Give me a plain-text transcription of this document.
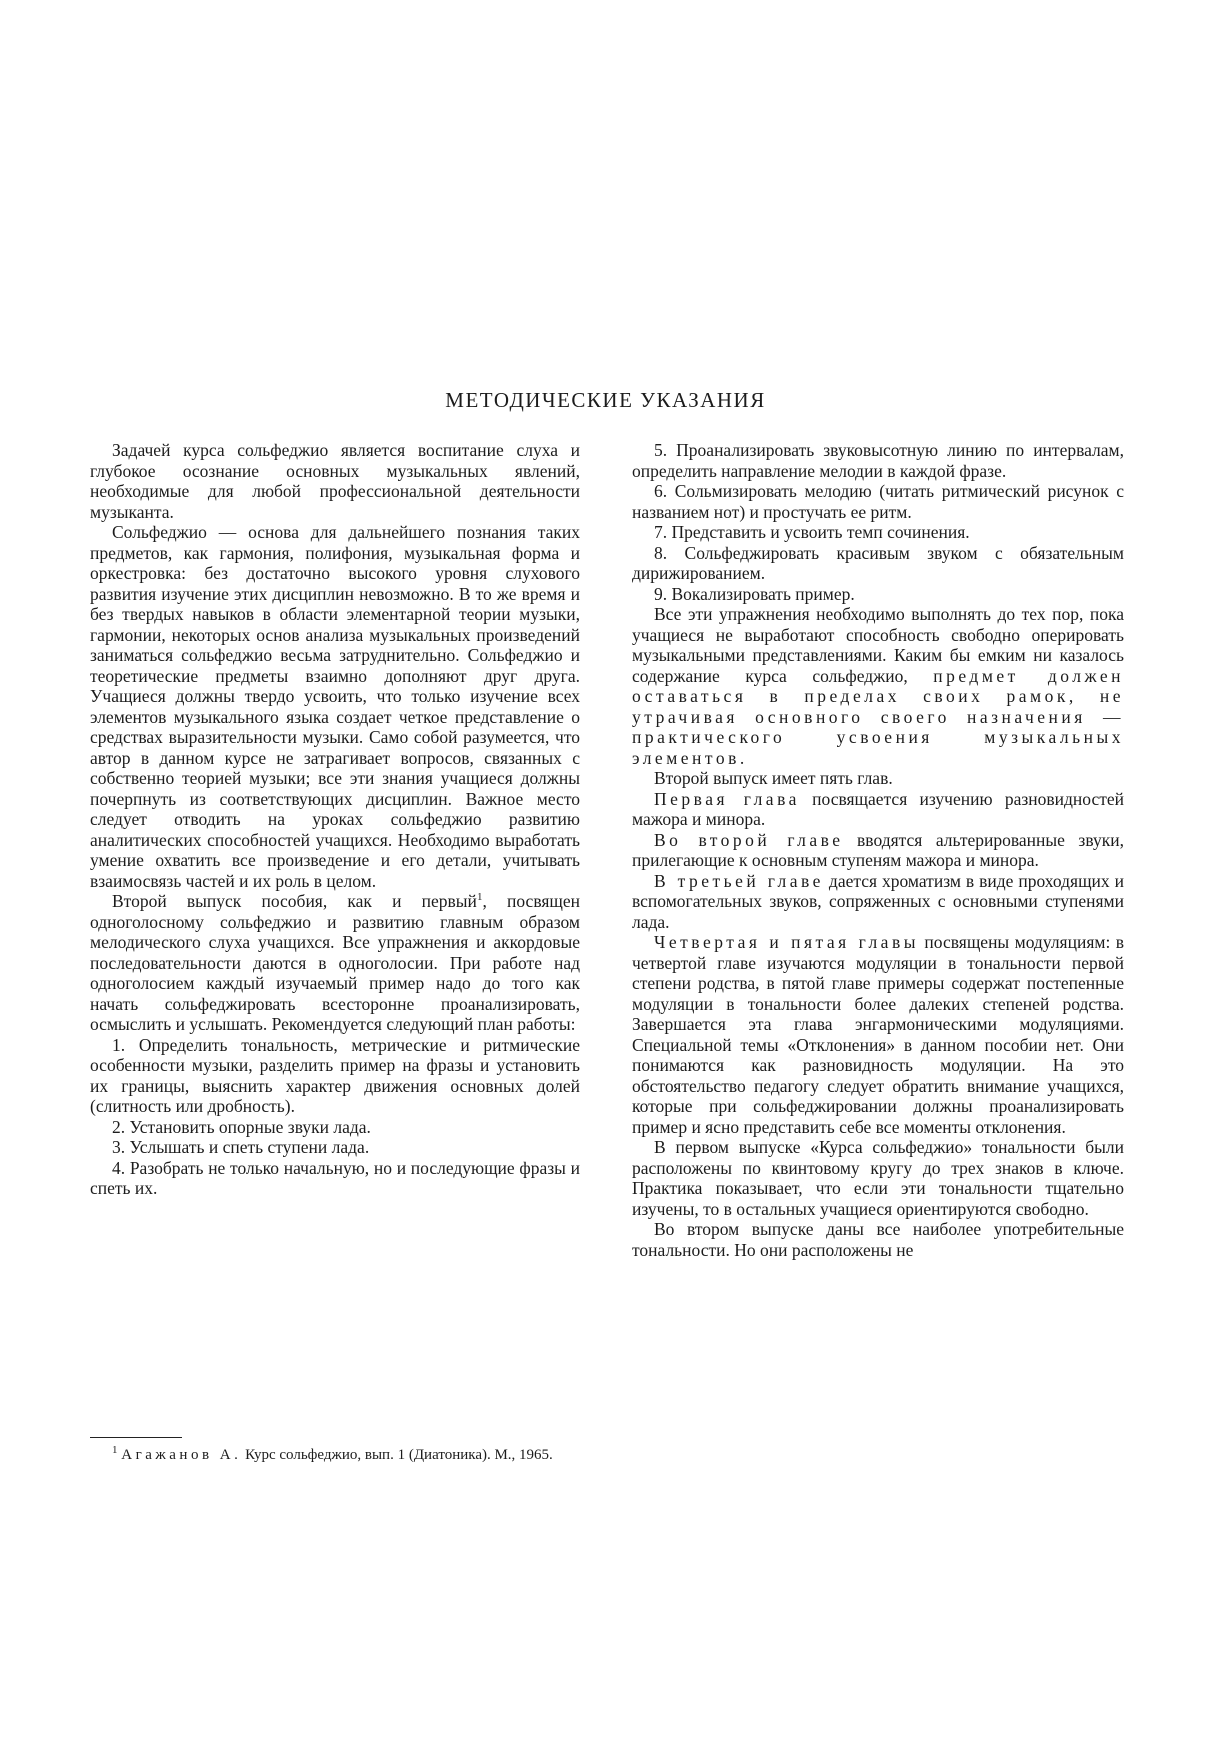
МЕТОДИЧЕСКИЕ УКАЗАНИЯ

Задачей курса сольфеджио является воспитание слуха и глубокое осознание основных музыкальных явлений, необходимые для любой профессиональной деятельности музыканта.

Сольфеджио — основа для дальнейшего познания таких предметов, как гармония, полифония, музыкальная форма и оркестровка: без достаточно высокого уровня слухового развития изучение этих дисциплин невозможно. В то же время и без твердых навыков в области элементарной теории музыки, гармонии, некоторых основ анализа музыкальных произведений заниматься сольфеджио весьма затруднительно. Сольфеджио и теоретические предметы взаимно дополняют друг друга. Учащиеся должны твердо усвоить, что только изучение всех элементов музыкального языка создает четкое представление о средствах выразительности музыки. Само собой разумеется, что автор в данном курсе не затрагивает вопросов, связанных с собственно теорией музыки; все эти знания учащиеся должны почерпнуть из соответствующих дисциплин. Важное место следует отводить на уроках сольфеджио развитию аналитических способностей учащихся. Необходимо выработать умение охватить все произведение и его детали, учитывать взаимосвязь частей и их роль в целом.

Второй выпуск пособия, как и первый$^1$, посвящен одноголосному сольфеджио и развитию главным образом мелодического слуха учащихся. Все упражнения и аккордовые последовательности даются в одноголосии. При работе над одноголосием каждый изучаемый пример надо до того как начать сольфеджировать всесторонне проанализировать, осмыслить и услышать. Рекомендуется следующий план работы:

1. Определить тональность, метрические и ритмические особенности музыки, разделить пример на фразы и установить их границы, выяснить характер движения основных долей (слитность или дробность).

2. Установить опорные звуки лада.

3. Услышать и спеть ступени лада.

4. Разобрать не только начальную, но и последующие фразы и спеть их.

$^1$ Агажанов А. Курс сольфеджио, вып. 1 (Диатоника). М., 1965.

5. Проанализировать звуковысотную линию по интервалам, определить направление мелодии в каждой фразе.

6. Сольмизировать мелодию (читать ритмический рисунок с названием нот) и простучать ее ритм.

7. Представить и усвоить темп сочинения.

8. Сольфеджировать красивым звуком с обязательным дирижированием.

9. Вокализировать пример.

Все эти упражнения необходимо выполнять до тех пор, пока учащиеся не выработают способность свободно оперировать музыкальными представлениями. Каким бы емким ни казалось содержание курса сольфеджио, предмет должен оставаться в пределах своих рамок, не утрачивая основного своего назначения — практического усвоения музыкальных элементов.

Второй выпуск имеет пять глав.

Первая глава посвящается изучению разновидностей мажора и минора.

Во второй главе вводятся альтерированные звуки, прилегающие к основным ступеням мажора и минора.

В третьей главе дается хроматизм в виде проходящих и вспомогательных звуков, сопряженных с основными ступенями лада.

Четвертая и пятая главы посвящены модуляциям: в четвертой главе изучаются модуляции в тональности первой степени родства, в пятой главе примеры содержат постепенные модуляции в тональности более далеких степеней родства. Завершается эта глава энгармоническими модуляциями. Специальной темы «Отклонения» в данном пособии нет. Они понимаются как разновидность модуляции. На это обстоятельство педагогу следует обратить внимание учащихся, которые при сольфеджировании должны проанализировать пример и ясно представить себе все моменты отклонения.

В первом выпуске «Курса сольфеджио» тональности были расположены по квинтовому кругу до трех знаков в ключе. Практика показывает, что если эти тональности тщательно изучены, то в остальных учащиеся ориентируются свободно.

Во втором выпуске даны все наиболее употребительные тональности. Но они расположены не
